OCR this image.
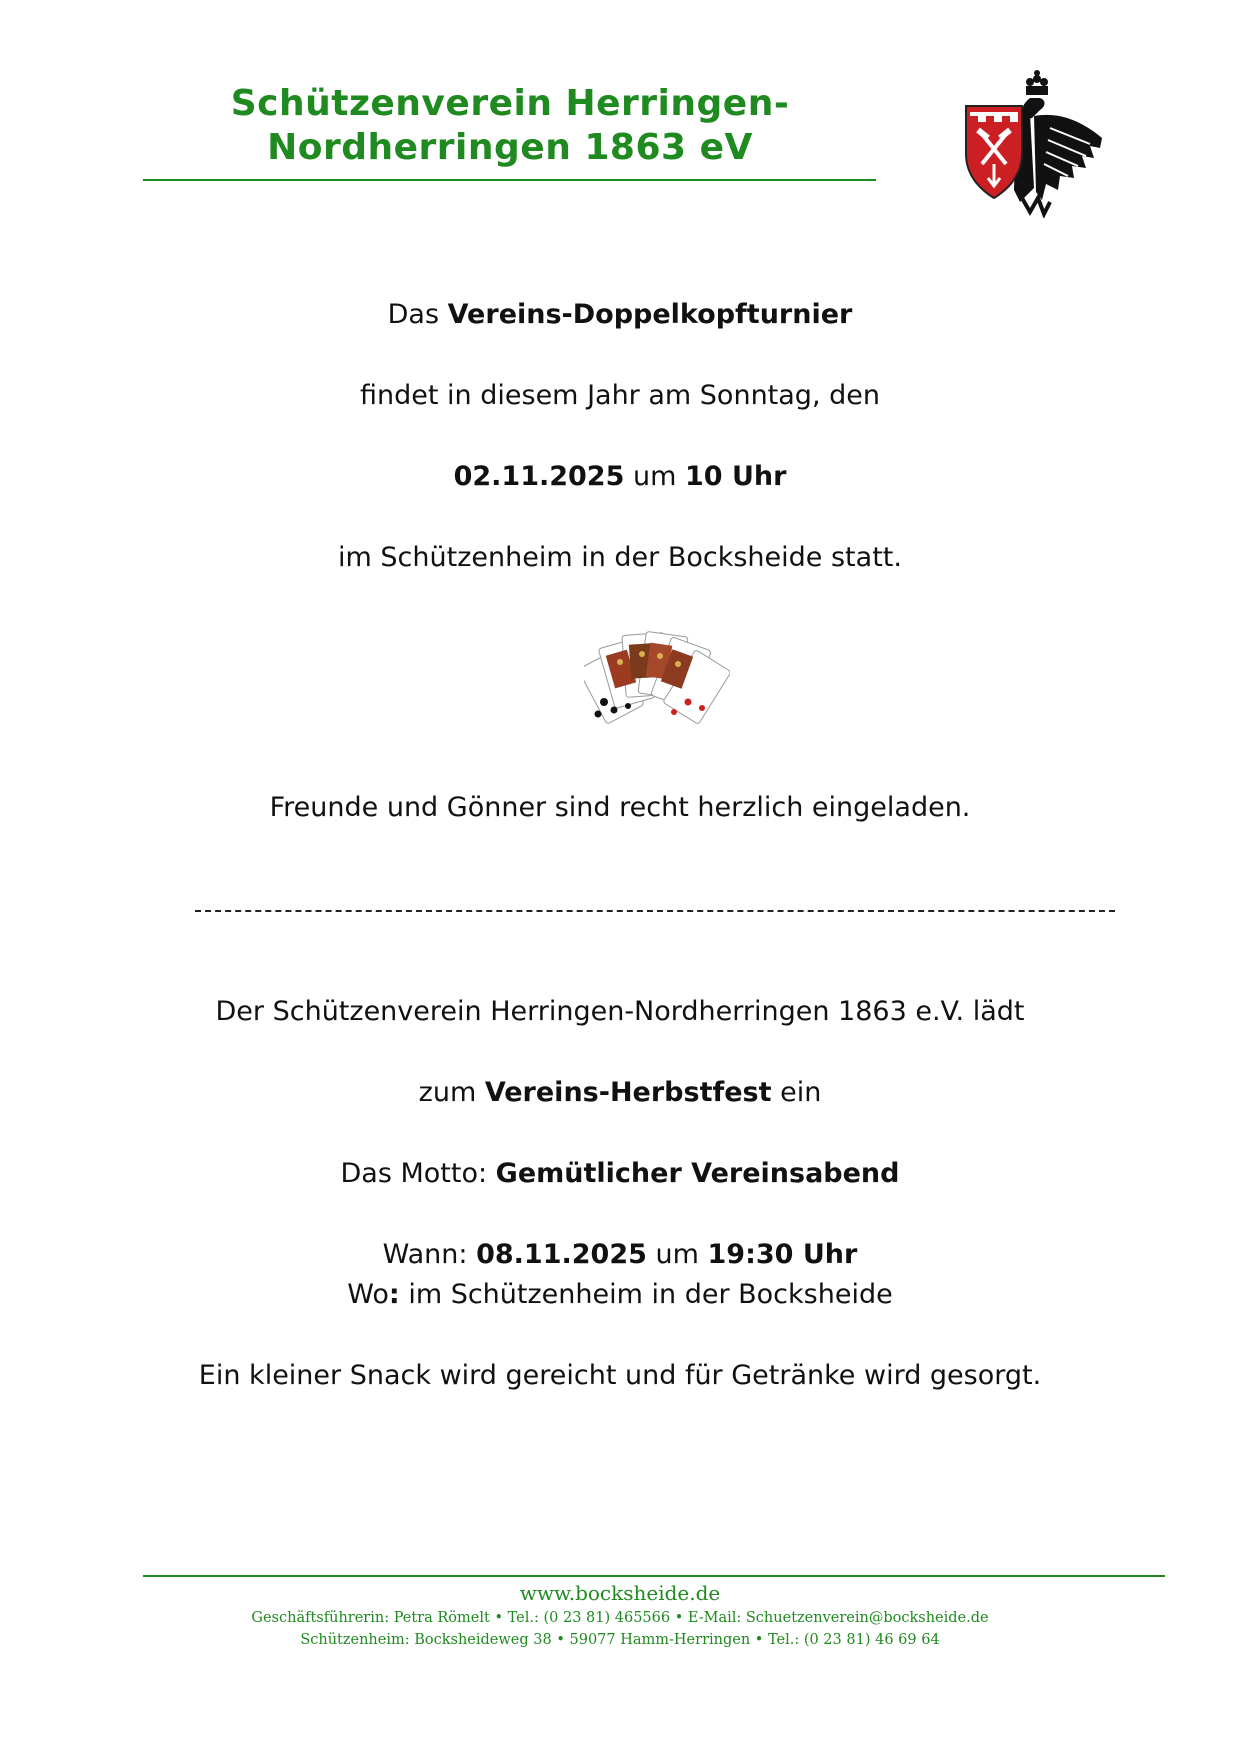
Schützenverein Herringen-
Nordherringen 1863 eV
Das Vereins-Doppelkopfturnier
findet in diesem Jahr am Sonntag, den
02.11.2025 um 10 Uhr
im Schützenheim in der Bocksheide statt.
Freunde und Gönner sind recht herzlich eingeladen.
Der Schützenverein Herringen-Nordherringen 1863 e.V. lädt
zum Vereins-Herbstfest ein
Das Motto: Gemütlicher Vereinsabend
Wann: 08.11.2025 um 19:30 Uhr
Wo: im Schützenheim in der Bocksheide
Ein kleiner Snack wird gereicht und für Getränke wird gesorgt.
www.bocksheide.de
Geschäftsführerin: Petra Römelt • Tel.: (0 23 81) 465566 • E-Mail: Schuetzenverein@bocksheide.de
Schützenheim: Bocksheideweg 38 • 59077 Hamm-Herringen • Tel.: (0 23 81) 46 69 64
